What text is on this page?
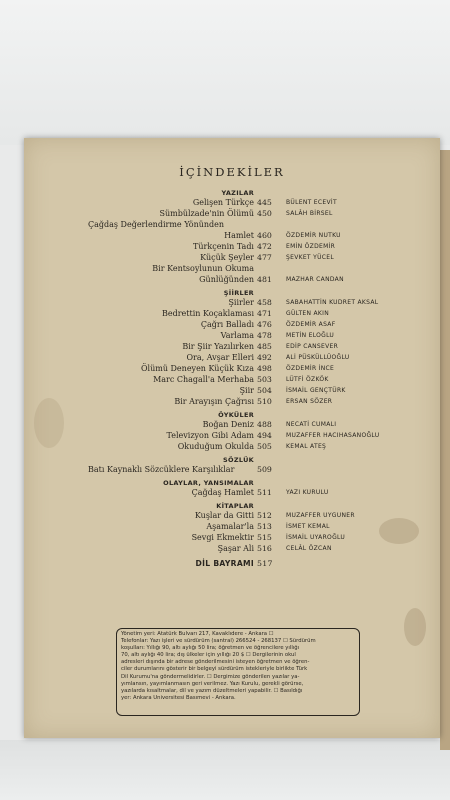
İÇİNDEKİLER
YAZILAR
Gelişen Türkçe 445 BÜLENT ECEVİT
Sümbülzade'nin Ölümü 450 SALÂH BİRSEL
Çağdaş Değerlendirme Yönünden
Hamlet 460 ÖZDEMİR NUTKU
Türkçenin Tadı 472 EMİN ÖZDEMİR
Küçük Şeyler 477 ŞEVKET YÜCEL
Bir Kentsoylunun Okuma
Günlüğünden 481 MAZHAR CANDAN
ŞİİRLER
Şiirler 458 SABAHATTİN KUDRET AKSAL
Bedrettin Koçaklaması 471 GÜLTEN AKIN
Çağrı Balladı 476 ÖZDEMİR ASAF
Varlama 478 METİN ELOĞLU
Bir Şiir Yazılırken 485 EDİP CANSEVER
Ora, Avşar Elleri 492 ALİ PÜSKÜLLÜOĞLU
Ölümü Deneyen Küçük Kıza 498 ÖZDEMİR İNCE
Marc Chagall'a Merhaba 503 LÜTFİ ÖZKÖK
Şiir 504 İSMAİL GENÇTÜRK
Bir Arayışın Çağrısı 510 ERSAN SÖZER
ÖYKÜLER
Boğan Deniz 488 NECATİ CUMALI
Televizyon Gibi Adam 494 MUZAFFER HACIHASANOĞLU
Okuduğum Okulda 505 KEMAL ATEŞ
SÖZLÜK
Batı Kaynaklı Sözcüklere Karşılıklar	509
OLAYLAR, YANSIMALAR
Çağdaş Hamlet 511 YAZI KURULU
KİTAPLAR
Kuşlar da Gitti 512 MUZAFFER UYGUNER
Aşamalar'la 513 İSMET KEMAL
Sevgi Ekmektir 515 İSMAİL UYAROĞLU
Şaşar Ali 516 CELÂL ÖZCAN
DİL BAYRAMI 517
Yönetim yeri: Atatürk Bulvarı 217, Kavaklıdere - Ankara ☐
Telefonlar: Yazı işleri ve sürdürüm (santral) 266524 - 268137 ☐ Sürdürüm
koşulları: Yıllığı 90, altı aylığı 50 lira; öğretmen ve öğrencilere yıllığı
70, altı aylığı 40 lira; dış ülkeler için yıllığı 20 $ ☐ Dergilerinin okul
adresleri dışında bir adrese gönderilmesini isteyen öğretmen ve öğren-
ciler durumlarını gösterir bir belgeyi sürdürüm istekleriyle birlikte Türk
Dil Kurumu'na göndermelidirler. ☐ Dergimize gönderilen yazılar ya-
yımlansın, yayımlanmasın geri verilmez. Yazı Kurulu, gerekli görürse,
yazılarda kısaltmalar, dil ve yazım düzeltmeleri yapabilir. ☐ Basıldığı
yer: Ankara Üniversitesi Basımevi - Ankara.
